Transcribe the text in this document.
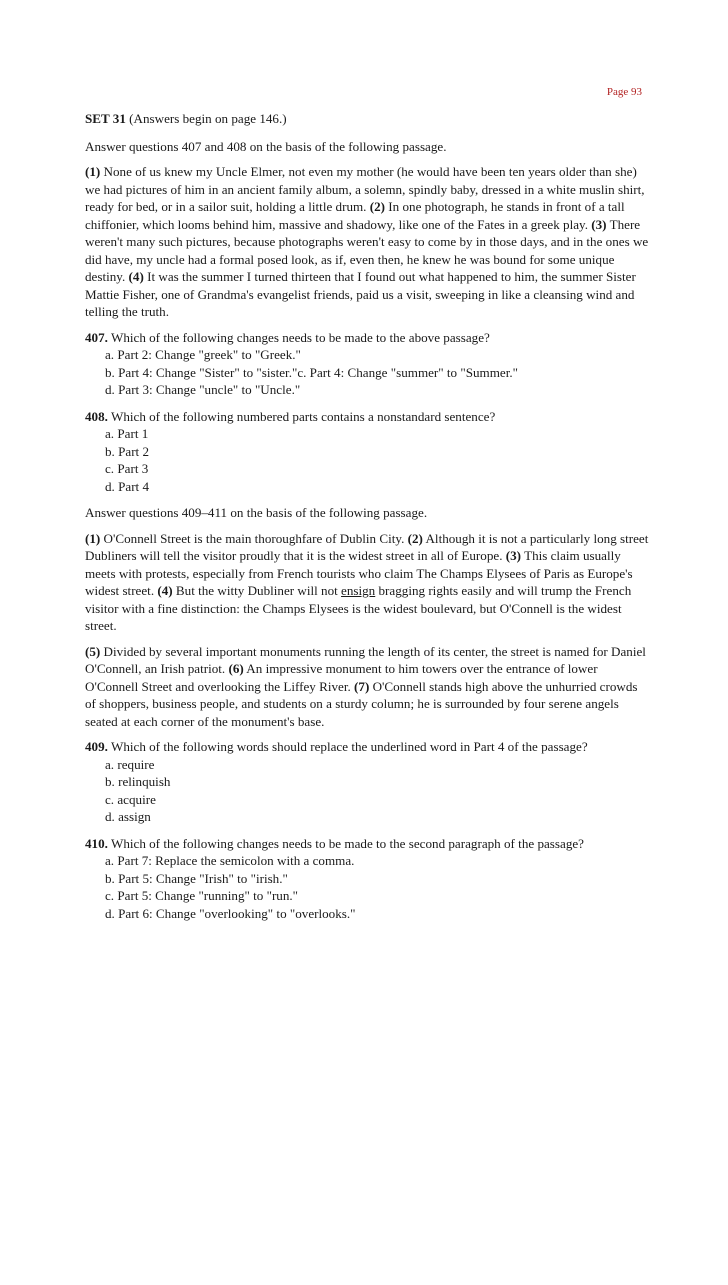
Page 93

SET 31 (Answers begin on page 146.)

Answer questions 407 and 408 on the basis of the following passage.

(1) None of us knew my Uncle Elmer, not even my mother (he would have been ten years older than she) we had pictures of him in an ancient family album, a solemn, spindly baby, dressed in a white muslin shirt, ready for bed, or in a sailor suit, holding a little drum. (2) In one photograph, he stands in front of a tall chiffonier, which looms behind him, massive and shadowy, like one of the Fates in a greek play. (3) There weren't many such pictures, because photographs weren't easy to come by in those days, and in the ones we did have, my uncle had a formal posed look, as if, even then, he knew he was bound for some unique destiny. (4) It was the summer I turned thirteen that I found out what happened to him, the summer Sister Mattie Fisher, one of Grandma's evangelist friends, paid us a visit, sweeping in like a cleansing wind and telling the truth.

407. Which of the following changes needs to be made to the above passage?
a. Part 2: Change "greek" to "Greek."
b. Part 4: Change "Sister" to "sister."c. Part 4: Change "summer" to "Summer."
d. Part 3: Change "uncle" to "Uncle."
408. Which of the following numbered parts contains a nonstandard sentence?
a. Part 1
b. Part 2
c. Part 3
d. Part 4

Answer questions 409–411 on the basis of the following passage.

(1) O'Connell Street is the main thoroughfare of Dublin City. (2) Although it is not a particularly long street Dubliners will tell the visitor proudly that it is the widest street in all of Europe. (3) This claim usually meets with protests, especially from French tourists who claim The Champs Elysees of Paris as Europe's widest street. (4) But the witty Dubliner will not ensign bragging rights easily and will trump the French visitor with a fine distinction: the Champs Elysees is the widest boulevard, but O'Connell is the widest street.

(5) Divided by several important monuments running the length of its center, the street is named for Daniel O'Connell, an Irish patriot. (6) An impressive monument to him towers over the entrance of lower O'Connell Street and overlooking the Liffey River. (7) O'Connell stands high above the unhurried crowds of shoppers, business people, and students on a sturdy column; he is surrounded by four serene angels seated at each corner of the monument's base.

409. Which of the following words should replace the underlined word in Part 4 of the passage?
a. require
b. relinquish
c. acquire
d. assign
410. Which of the following changes needs to be made to the second paragraph of the passage?
a. Part 7: Replace the semicolon with a comma.
b. Part 5: Change "Irish" to "irish."
c. Part 5: Change "running" to "run."
d. Part 6: Change "overlooking" to "overlooks."
